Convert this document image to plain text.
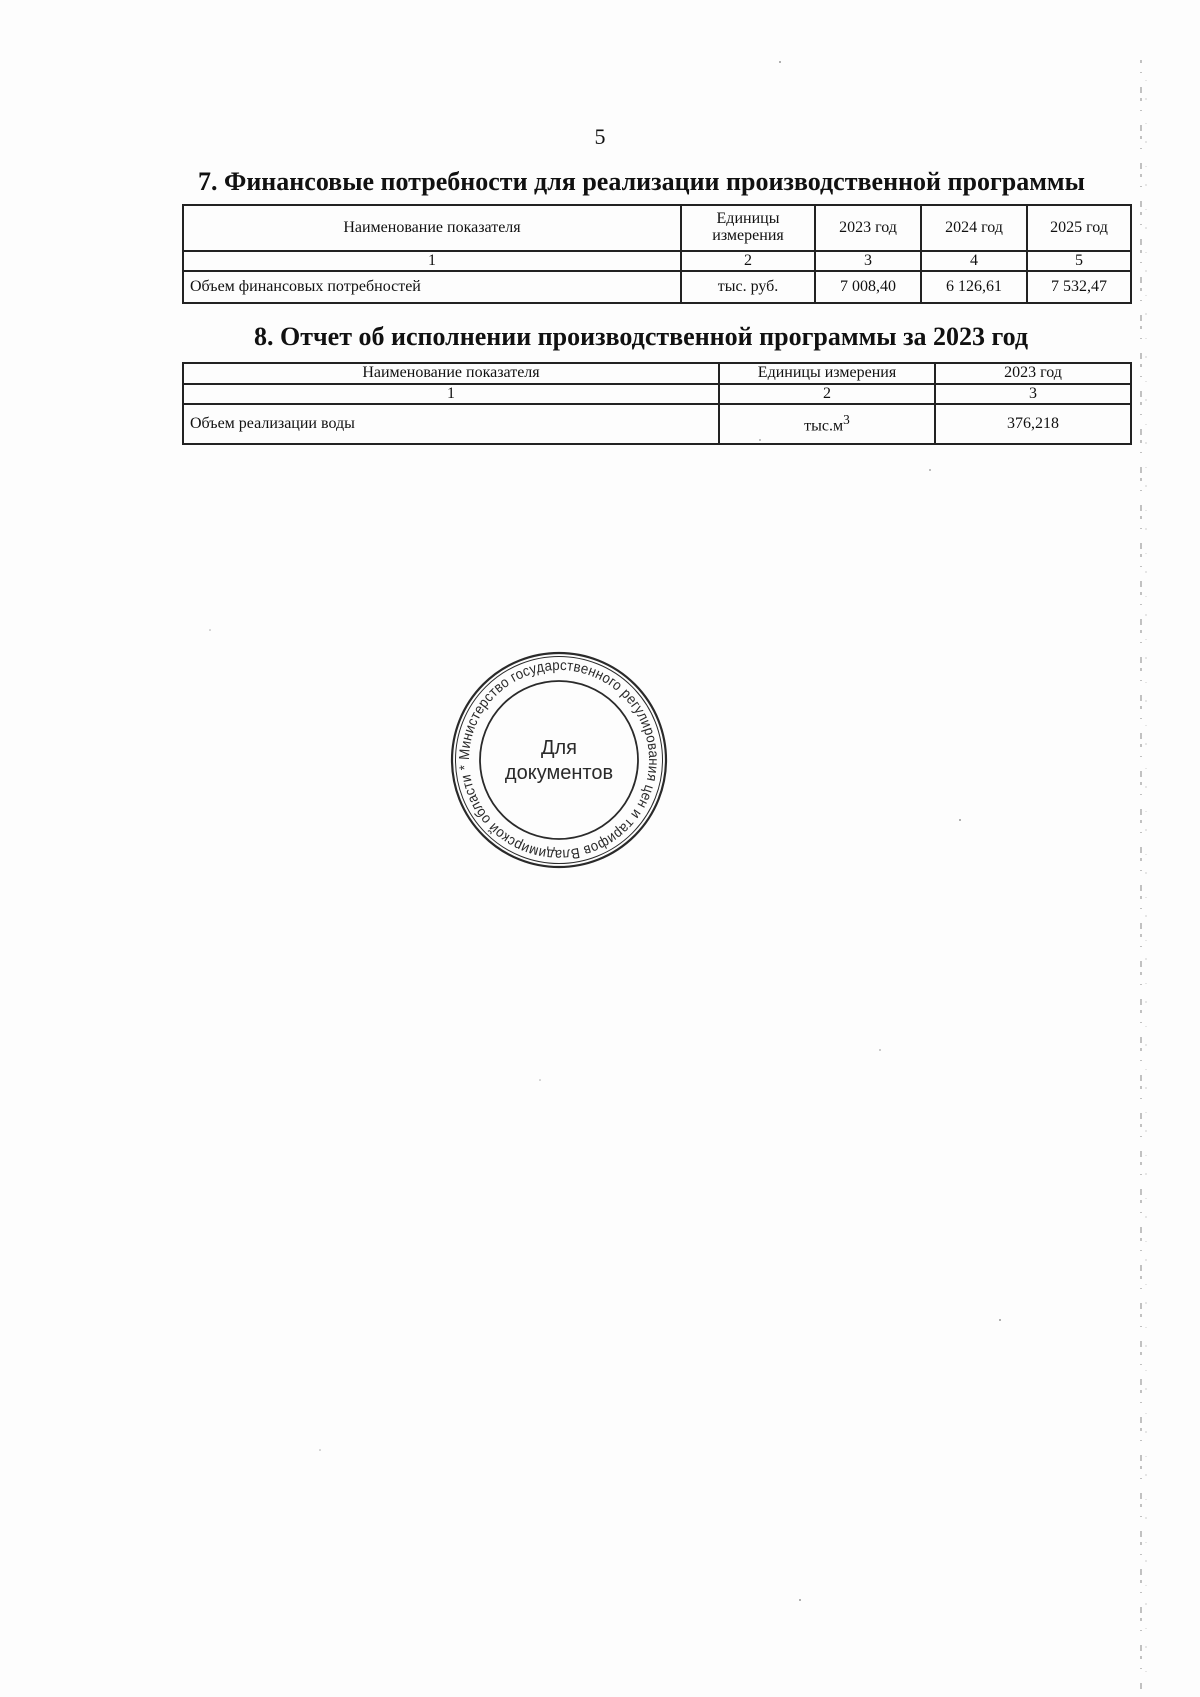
5
7. Финансовые потребности для реализации производственной программы
Наименование показателя	Единицы измерения	2023 год	2024 год	2025 год
1	2	3	4	5
Объем финансовых потребностей	тыс. руб.	7 008,40	6 126,61	7 532,47
8. Отчет об исполнении производственной программы за 2023 год
Наименование показателя	Единицы измерения	2023 год
1	2	3
Объем реализации воды	$тыс.м^3$	376,218
Министерство государственного регулирования цен и тарифов Владимирской области *
Для
документов
